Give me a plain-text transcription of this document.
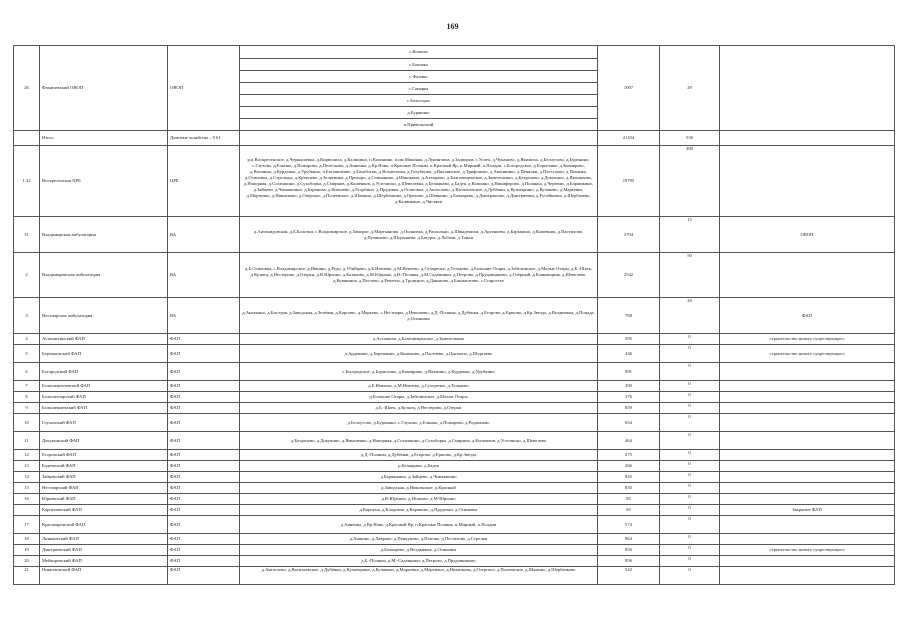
169
26	Фомичевский ОВОП	ОВОП	с.Кошово	1007	29	
			с.Боковка			
			с.Фалино			
			с.Самарка			
			с.Белогорье			
			д.Бурякино			
			п.Привольский			
	Итого	Домовые хозяйства – 9 61		21104	530	
1.32	Воскресенская ЦРБ	ЦРБ	р.п.Воскресенское, д.Чернышевка, д.Кирюшиха, д.Калинино, п.Калинино, п.им.Микояна, д.Лукинчиха, д.Задворки, с.Успех, д.Чуканово, д.Якимиха, д.Белоусово, д.Буренино, с.Глухово, д.Елкино, д.Пожарово, д.Пелесково, д.Анненка, д.Кр.Новь, п.Красные Поляны, п.Красный Яр, п.Мирный, п.Полдни, с.Богородское, д.Борисенко, д.Кокоярово, д.Вахмино, д.Курденко, д.Урубкино, п.Богоявление, д.Бахаботки, д.Вознесенка, д.Голубцово, д.Вяхлинское, д.Трифоново, д.Ашкинино, д.Пенялки, д.Пастухово, д.Паханка, д.Осиновка, д.Стрельцы, д.Кремлево, д.Зелятинка, д.Прохоро, д.Семьянино, д.Шишкино, д.Ахтырово, д.Благовещенское, д.Заметелкино, д.Безденово, д.Докукино, д.Ямышенко, д.Напорная, д.Согашкино, д.Сухоборка, д.Смирнов, д.Кошенков, д.Усточиско, д.Шевелевка, д.Беляцкаво, д.Бадея, д.Копкино, д.Никифорово, д.Полянка, д.Черемис, д.Барашкино, д.Зайцево, д.Чимакшино, д.Баранова, д.Ковалево, д.Егорбино, д.Прудовка, д.Осиповка, д.Ангаслово, д.Васильевское, д.Дубёнки, д.Кузнецкино, д.Кучаково, д.Марьевка, д.Мартюшо, д.Никитково, д.Озерское, д.Полеевское, д.Шамино, д.Шербачково, д.Орехово, д.Шевкино, д.Бочкарево, д.Дмитрашово, д.Дмитриевка, д.Русейковка, д.Шербачево, д.Калинкино, д.Чистяки	19795	380	
31	Владимирская амбулатория	ВА	д.Антонидовская, д.Б.Болотки, с.Владимирское, д.Заморье, д.Мартьяново, д.Осиновка, д.Раскольно, д.Швыденихи, д.Арсеньево, д.Барыкино, д.Кожевник, д.Пастилово, д.Пуминово, д.Шурышева, д.Батуры, д.Лобачи, д.Тонки	3704	15	ОВОП
2	Владимировская амбулатория	ВА	д.Б.Осиновка, с.Владимирское, д.Ивкино, д.Рудо, д.Убийцево, д.Б.Иевлево, д.М.Иевлево, д.Сухоречье, д.Тельково, д.Большие Отары, д.Забелинское, д.Малые Отары, д.Б.-Шаек, д.Кузнец, д.Нестерово, д.Озерки, д.В.Юрьино, д.Казаково, д.М.Юрьино, д.В.-Поляны, д.М.Садовники, д.Петрово, д.Прудовниково, д.Озёрный, д.Бояковщина, д.Шевелево, д.Кувшинов, д.Пестово, д.Решеты, д.Троицкое, д.Даньково, д.Баклыштово, с.Старостье	2542	50	
3	Нестиарская амбулатория	ВА	д.Ангакино, д.Быстрая, д.Заводская, д.Зелёная, д.Карпово, д.Марьево, с.Нестиары, д.Некошево, д.Д.-Поляны, д.Дубёнки, д.Егорово, д.Ершово, д.Кр.Звезда, д.Воздвижка, д.Понада, д.Осиновка	768	29	ФАП
4	Асташихинский ФАП	ФАП	д.Асташиха, д.Благовещенское, д.Заметелкино	395	0	строительство нового существующего
5	Бережковский ФАП	ФАП	д.Арденино, д.Бережково, д.Кононово, д.Пасечево, д.Цыплено, д.Шургаево	436	0	строительство нового существующего
6	Богородский ФАП	ФАП	с.Богородское, д.Борисенко, д.Кокоярово, д.Вахмино, д.Курденко, д.Урубкино	991	0	
7	Большеиевлевский ФАП	ФАП	д.Б.Иевлево, д.М.Иевлево, д.Сухоречье, д.Тельково	290	0	
8	Большеотарский ФАП	ФАП	д.Большие Отары, д.Забелинское, д.Малые Отары	376	0	
9	Большешаекский ФАП	ФАП	д.Б.-Шаек, д.Кузнец, д.Нестерово, д.Озерки	859	0	
10	Глуховский ФАП	ФАП	д.Белоусово, д.Буренино, с.Глухово, д.Елкино, д.Пожарово, д.Родионово	654	0	
11	Докукинский ФАП	ФАП	д.Безденово, д.Докукино, д.Ямышенко, д.Напорная, д.Согашкино, д.Сухоборка, д.Смирнов, д.Кошенков, д.Усточиско, д.Шевелево	464	0	
12	Егоровский ФАП	ФАП	д.Д.-Поляны, д.Дубёнки, д.Егорово, д.Ершово, д.Кр.Звезда	275	0	
13	Бадеевский ФАП	ФАП	р.Беляцкаво, д.Бадея	266	0	
14	Зайцевский ФАП	ФАП	д.Барашкино, д.Зайцево, д.Чимакшино	845	0	
15	Нестиарский ФАП	ФАП	д.Заводская, д.Никольское, д.Красный	835	0	
16	Юрьевский ФАП	ФАП	д.В-Юрьино, д.Исаково, д.М-Юрьино	85	0	
	Карпунинский ФАП	ФАП	д.Карпуня, д.Кладовая, д.Каракино, д.Прудовка, д.Осиновка	65	0	Закрытие ФАП
17	Краснояровский ФАП	ФАП	д.Анненка, д.Кр.Новь, д.Красный Яр, п.Красные Поляны, п.Мирный, п.Полдни	574	0	
18	Линьковский ФАП	ФАП	д.Ашкино, д.Лаврово, д.Пенкувово, д.Попово, д.Пестятово, д.Стрелки	864	0	
19	Дмитриевский ФАП	ФАП	д.Бочкарево, д.Воздвижка, д.Осиновка	856	0	строительство нового существующего
20	Мейкоровский ФАП	ФАП	д.Б.-Поляны, д.М.-Садовники, д.Петрово, д.Прудовниково	856	0	
21	Никитковский ФАП	ФАП	д.Ангаслово, д.Васильевское, д.Дубёнки, д.Кузнецкино, д.Кучаково, д.Марьевка, д.Мартюшо, д.Никитково, д.Озерское, д.Полеевское, д.Шамино, д.Шербачково	542	0	
